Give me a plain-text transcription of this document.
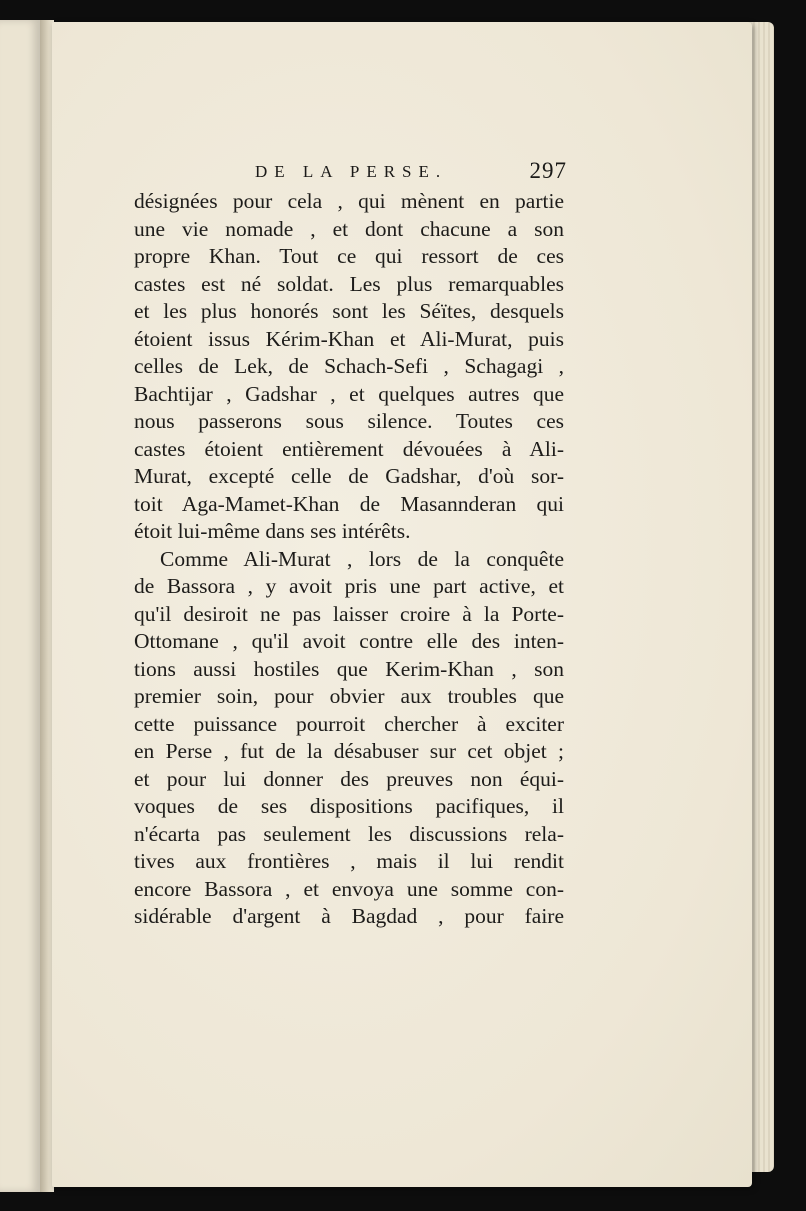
DE LA PERSE.	297
désignées pour cela , qui mènent en partie
une vie nomade , et dont chacune a son
propre Khan. Tout ce qui ressort de ces
castes est né soldat. Les plus remarquables
et les plus honorés sont les Séïtes, desquels
étoient issus Kérim-Khan et Ali-Murat, puis
celles de Lek, de Schach-Sefi , Schagagi ,
Bachtijar , Gadshar , et quelques autres que
nous passerons sous silence. Toutes ces
castes étoient entièrement dévouées à Ali-
Murat, excepté celle de Gadshar, d'où sor-
toit Aga-Mamet-Khan de Masannderan qui
étoit lui-même dans ses intérêts.
Comme Ali-Murat , lors de la conquête
de Bassora , y avoit pris une part active, et
qu'il desiroit ne pas laisser croire à la Porte-
Ottomane , qu'il avoit contre elle des inten-
tions aussi hostiles que Kerim-Khan , son
premier soin, pour obvier aux troubles que
cette puissance pourroit chercher à exciter
en Perse , fut de la désabuser sur cet objet ;
et pour lui donner des preuves non équi-
voques de ses dispositions pacifiques, il
n'écarta pas seulement les discussions rela-
tives aux frontières , mais il lui rendit
encore Bassora , et envoya une somme con-
sidérable d'argent à Bagdad , pour faire
